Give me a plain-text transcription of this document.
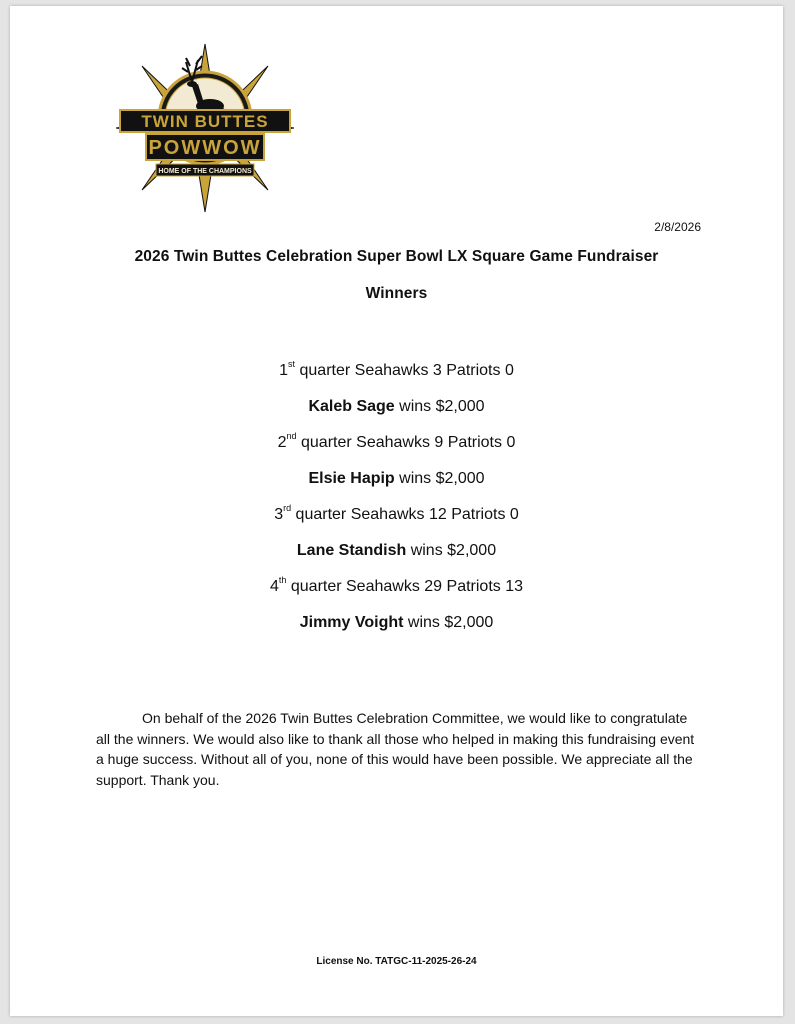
TWIN BUTTES
POWWOW
HOME OF THE CHAMPIONS
2/8/2026
2026 Twin Buttes Celebration Super Bowl LX Square Game Fundraiser
Winners
1st quarter Seahawks 3 Patriots 0
Kaleb Sage wins $2,000
2nd quarter Seahawks 9 Patriots 0
Elsie Hapip wins $2,000
3rd quarter Seahawks 12 Patriots 0
Lane Standish wins $2,000
4th quarter Seahawks 29 Patriots 13
Jimmy Voight wins $2,000
On behalf of the 2026 Twin Buttes Celebration Committee, we would like to congratulate all the winners. We would also like to thank all those who helped in making this fundraising event a huge success. Without all of you, none of this would have been possible. We appreciate all the support. Thank you.
License No. TATGC-11-2025-26-24
